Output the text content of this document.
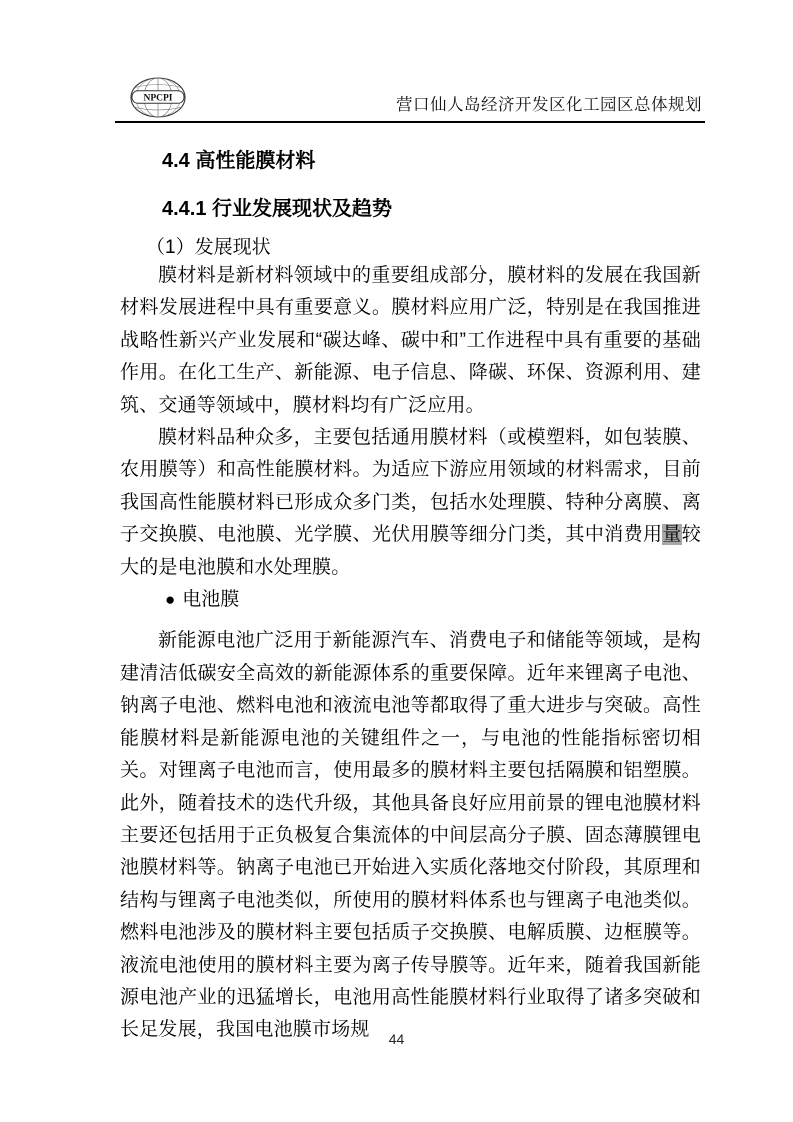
NPCPI	营口仙人岛经济开发区化工园区总体规划
4.4 高性能膜材料
4.4.1 行业发展现状及趋势
（1）发展现状

膜材料是新材料领域中的重要组成部分，膜材料的发展在我国新材料发展进程中具有重要意义。膜材料应用广泛，特别是在我国推进战略性新兴产业发展和“碳达峰、碳中和”工作进程中具有重要的基础作用。在化工生产、新能源、电子信息、降碳、环保、资源利用、建筑、交通等领域中，膜材料均有广泛应用。

膜材料品种众多，主要包括通用膜材料（或模塑料，如包装膜、农用膜等）和高性能膜材料。为适应下游应用领域的材料需求，目前我国高性能膜材料已形成众多门类，包括水处理膜、特种分离膜、离子交换膜、电池膜、光学膜、光伏用膜等细分门类，其中消费用量较大的是电池膜和水处理膜。

● 电池膜

新能源电池广泛用于新能源汽车、消费电子和储能等领域，是构建清洁低碳安全高效的新能源体系的重要保障。近年来锂离子电池、钠离子电池、燃料电池和液流电池等都取得了重大进步与突破。高性能膜材料是新能源电池的关键组件之一，与电池的性能指标密切相关。对锂离子电池而言，使用最多的膜材料主要包括隔膜和铝塑膜。此外，随着技术的迭代升级，其他具备良好应用前景的锂电池膜材料主要还包括用于正负极复合集流体的中间层高分子膜、固态薄膜锂电池膜材料等。钠离子电池已开始进入实质化落地交付阶段，其原理和结构与锂离子电池类似，所使用的膜材料体系也与锂离子电池类似。燃料电池涉及的膜材料主要包括质子交换膜、电解质膜、边框膜等。液流电池使用的膜材料主要为离子传导膜等。近年来，随着我国新能源电池产业的迅猛增长，电池用高性能膜材料行业取得了诸多突破和长足发展，我国电池膜市场规	44
